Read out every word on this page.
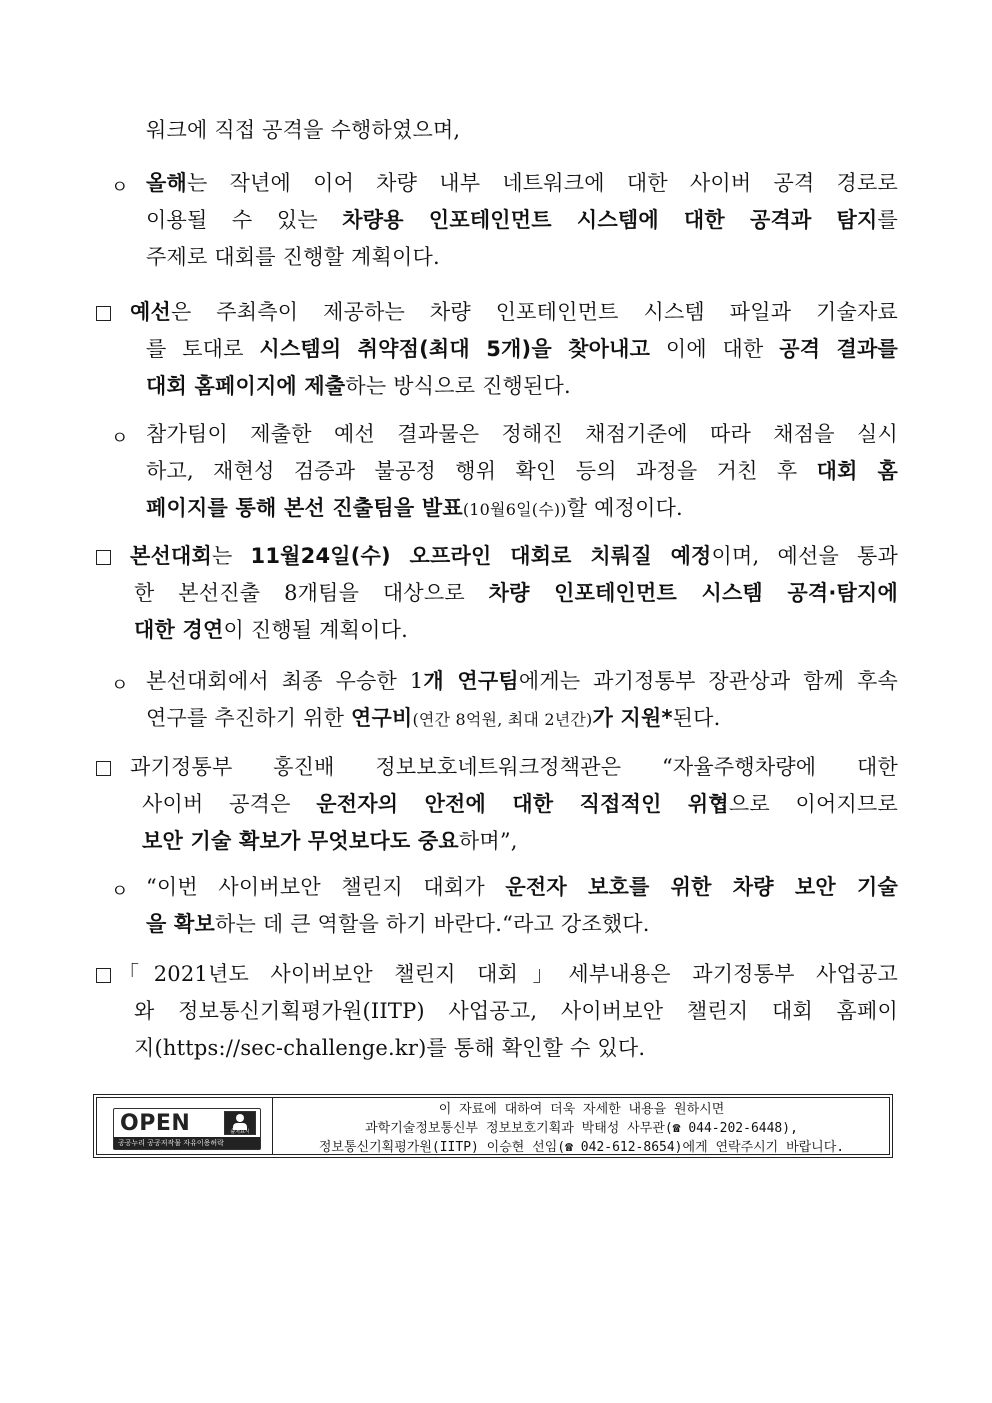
워크에 직접 공격을 수행하였으며,
ㅇ 올해는 작년에 이어 차량 내부 네트워크에 대한 사이버 공격 경로로
이용될 수 있는 차량용 인포테인먼트 시스템에 대한 공격과 탐지를
주제로 대회를 진행할 계획이다.
예선은 주최측이 제공하는 차량 인포테인먼트 시스템 파일과 기술자료
를 토대로 시스템의 취약점(최대 5개)을 찾아내고 이에 대한 공격 결과를
대회 홈페이지에 제출하는 방식으로 진행된다.
ㅇ 참가팀이 제출한 예선 결과물은 정해진 채점기준에 따라 채점을 실시
하고, 재현성 검증과 불공정 행위 확인 등의 과정을 거친 후 대회 홈
페이지를 통해 본선 진출팀을 발표(10월6일(수))할 예정이다.
본선대회는 11월24일(수) 오프라인 대회로 치뤄질 예정이며, 예선을 통과
한 본선진출 8개팀을 대상으로 차량 인포테인먼트 시스템 공격·탐지에
대한 경연이 진행될 계획이다.
ㅇ 본선대회에서 최종 우승한 1개 연구팀에게는 과기정통부 장관상과 함께 후속
연구를 추진하기 위한 연구비(연간 8억원, 최대 2년간)가 지원*된다.
과기정통부 홍진배 정보보호네트워크정책관은 “자율주행차량에 대한
사이버 공격은 운전자의 안전에 대한 직접적인 위협으로 이어지므로
보안 기술 확보가 무엇보다도 중요하며”,
ㅇ “이번 사이버보안 챌린지 대회가 운전자 보호를 위한 차량 보안 기술
을 확보하는 데 큰 역할을 하기 바란다.“라고 강조했다.
「2021년도 사이버보안 챌린지 대회」세부내용은 과기정통부 사업공고
와 정보통신기획평가원(IITP) 사업공고, 사이버보안 챌린지 대회 홈페이
지(https://sec-challenge.kr)를 통해 확인할 수 있다.
OPEN	출처표시
공공누리 공공저작물 자유이용허락
이 자료에 대하여 더욱 자세한 내용을 원하시면
과학기술정보통신부 정보보호기획과 박태성 사무관(☎ 044-202-6448),
정보통신기획평가원(IITP) 이승현 선임(☎ 042-612-8654)에게 연락주시기 바랍니다.
